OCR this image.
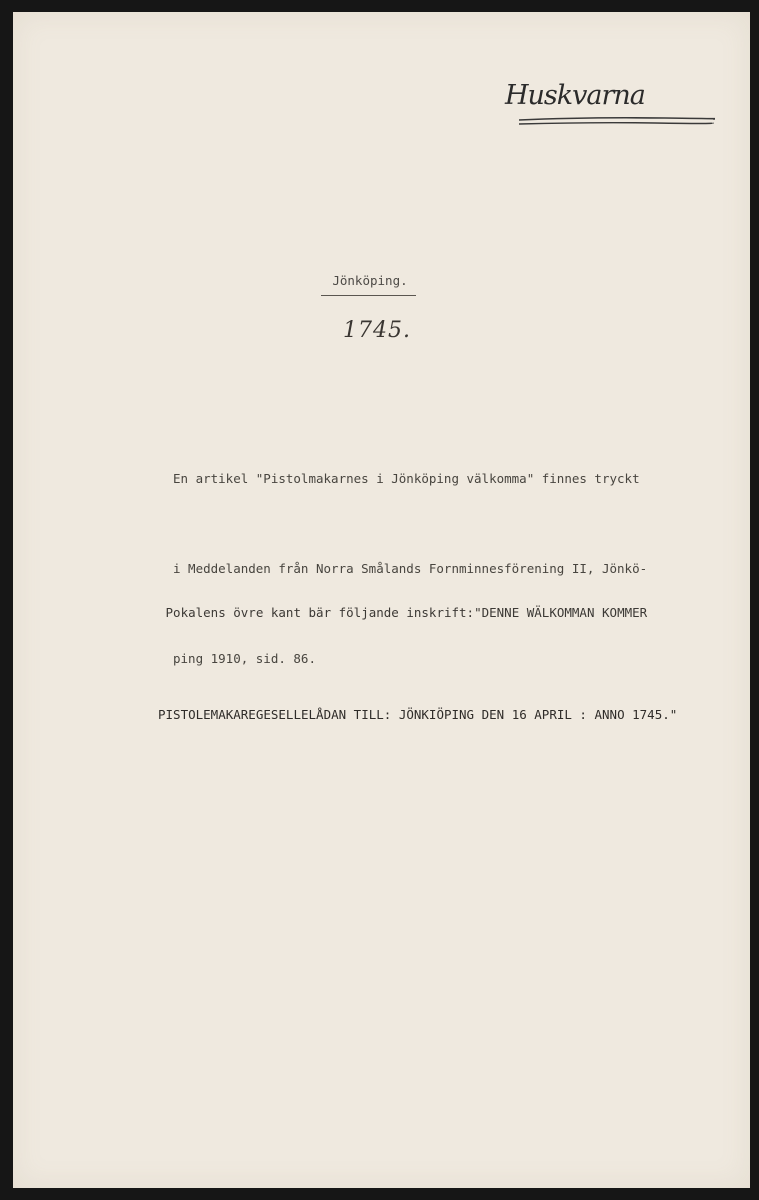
Huskvarna
Jönköping.
1745.

En artikel "Pistolmakarnes i Jönköping välkomma" finnes tryckt

i Meddelanden från Norra Smålands Fornminnesförening II, Jönkö-

ping 1910, sid. 86.

Pokalens övre kant bär följande inskrift:"DENNE WÄLKOMMAN KOMMER

PISTOLEMAKAREGESELLELÅDAN TILL: JÖNKIÖPING DEN 16 APRIL : ANNO 1745."
